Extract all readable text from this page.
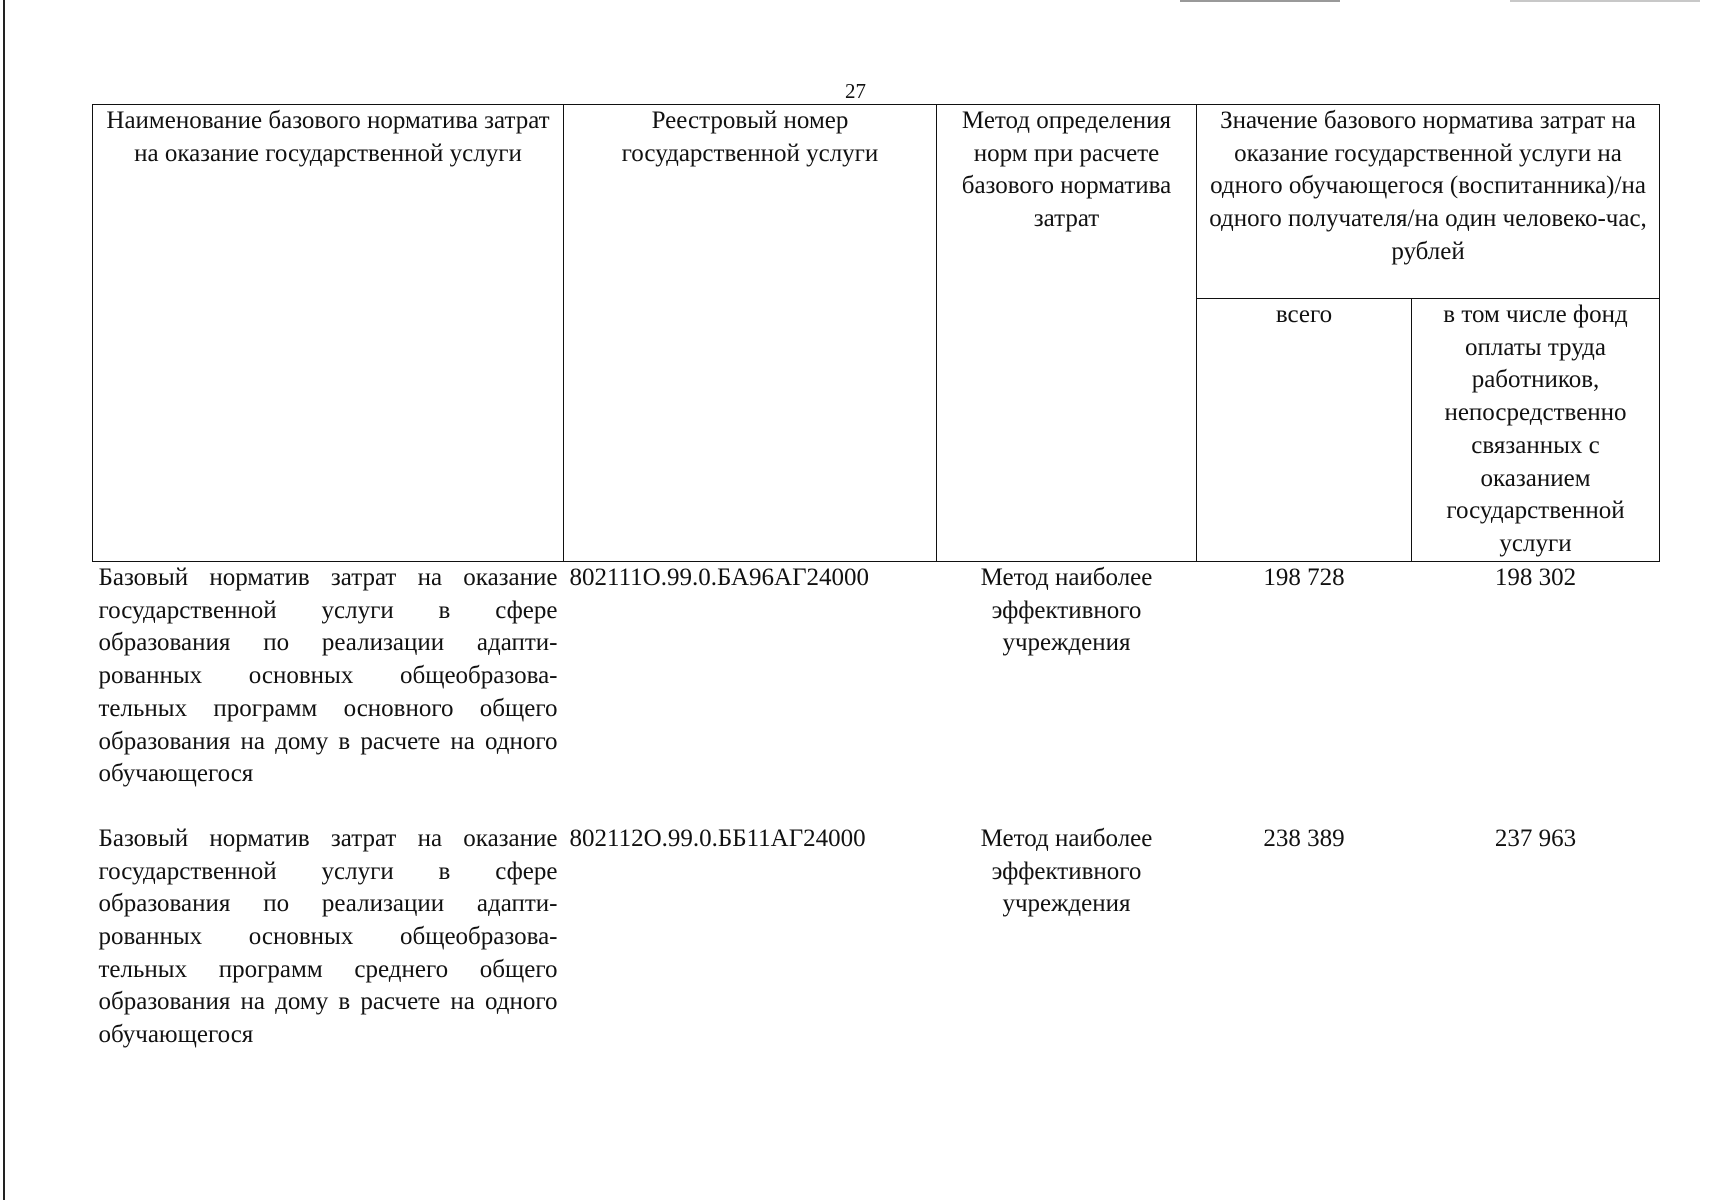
27
Наименование базового норматива затрат на оказание государственной услуги	Реестровый номер государственной услуги	Метод определения норм при расчете базового норматива затрат	Значение базового норматива затрат на оказание государственной услуги на одного обучающегося (воспитанника)/на одного получателя/на один человеко-час, рублей	
			всего	в том числе фонд оплаты труда работников, непосредственно связанных с оказанием государственной услуги
Базовый норматив затрат на оказание государственной услуги в сфере образования по реализации адапти-рованных основных общеобразова-тельных программ основного общего образования на дому в расчете на одного обучающегося	802111О.99.0.БА96АГ24000	Метод наиболее эффективного учреждения	198 728	198 302
Базовый норматив затрат на оказание государственной услуги в сфере образования по реализации адапти-рованных основных общеобразова-тельных программ среднего общего образования на дому в расчете на одного обучающегося	802112О.99.0.ББ11АГ24000	Метод наиболее эффективного учреждения	238 389	237 963
